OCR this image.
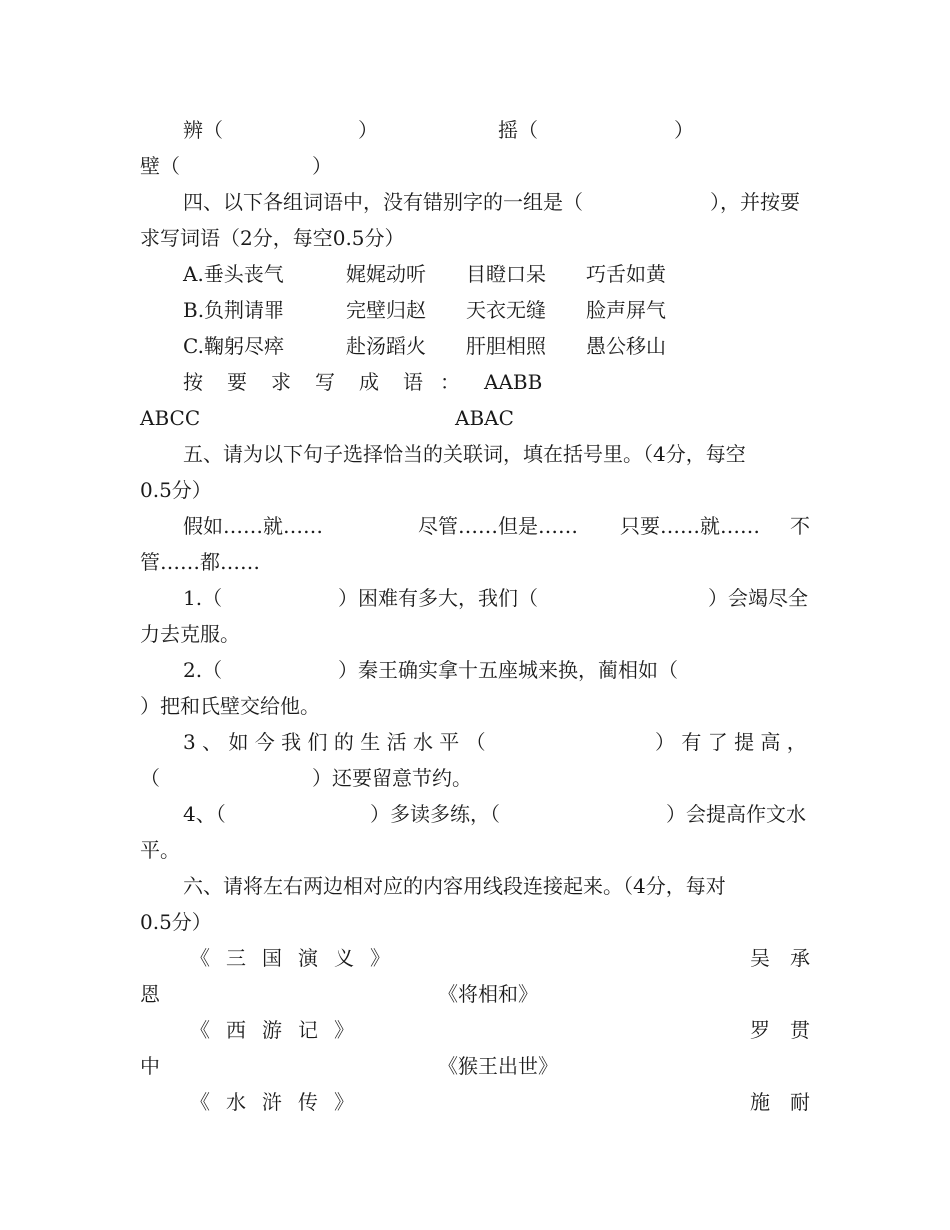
辨（	）	摇（	）
壁（	）
四、以下各组词语中，没有错别字的一组是（	），并按要
求写词语（2分，每空0.5分）
A.垂头丧气	娓娓动听 目瞪口呆 巧舌如黄
B.负荆请罪	完壁归赵 天衣无缝 脸声屏气
C.鞠躬尽瘁	赴汤蹈火 肝胆相照 愚公移山
按 要 求 写 成 语 ： AABB
ABCC	ABAC
五、请为以下句子选择恰当的关联词，填在括号里。（4分，每空
0.5分）
假如……就……	尽管……但是…… 只要……就…… 不
管……都……
1.（	）困难有多大，我们（	）会竭尽全
力去克服。
2.（	）秦王确实拿十五座城来换，蔺相如（
）把和氏壁交给他。
3 、 如 今 我 们 的 生 活 水 平 （	） 有 了 提 高 ，
（	）还要留意节约。
4、（	）多读多练，（	）会提高作文水
平。
六、请将左右两边相对应的内容用线段连接起来。（4分，每对
0.5分）
《 三 国 演 义 》	吴 承
恩	《将相和》
《 西 游 记 》	罗 贯
中	《猴王出世》
《 水 浒 传 》	施 耐
